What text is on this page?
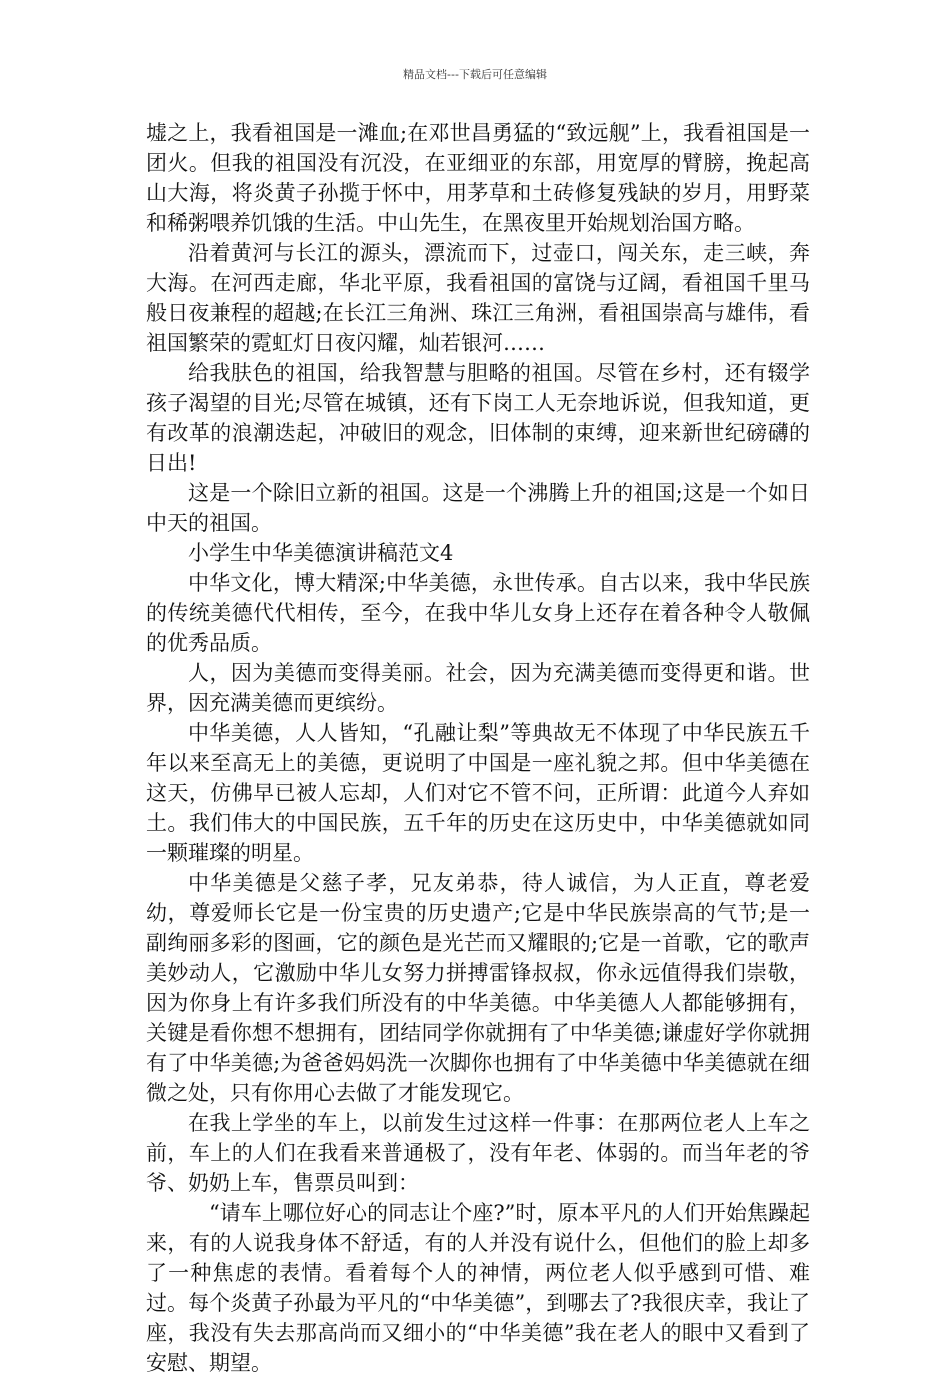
精品文档---下载后可任意编辑

墟之上，我看祖国是一滩血;在邓世昌勇猛的“致远舰”上，我看祖国是一团火。但我的祖国没有沉没，在亚细亚的东部，用宽厚的臂膀，挽起高山大海，将炎黄子孙揽于怀中，用茅草和土砖修复残缺的岁月，用野菜和稀粥喂养饥饿的生活。中山先生，在黑夜里开始规划治国方略。

沿着黄河与长江的源头，漂流而下，过壶口，闯关东，走三峡，奔大海。在河西走廊，华北平原，我看祖国的富饶与辽阔，看祖国千里马般日夜兼程的超越;在长江三角洲、珠江三角洲，看祖国崇高与雄伟，看祖国繁荣的霓虹灯日夜闪耀，灿若银河……

给我肤色的祖国，给我智慧与胆略的祖国。尽管在乡村，还有辍学孩子渴望的目光;尽管在城镇，还有下岗工人无奈地诉说，但我知道，更有改革的浪潮迭起，冲破旧的观念，旧体制的束缚，迎来新世纪磅礴的日出!

这是一个除旧立新的祖国。这是一个沸腾上升的祖国;这是一个如日中天的祖国。

小学生中华美德演讲稿范文4

中华文化，博大精深;中华美德，永世传承。自古以来，我中华民族的传统美德代代相传，至今，在我中华儿女身上还存在着各种令人敬佩的优秀品质。

人，因为美德而变得美丽。社会，因为充满美德而变得更和谐。世界，因充满美德而更缤纷。

中华美德，人人皆知，“孔融让梨”等典故无不体现了中华民族五千年以来至高无上的美德，更说明了中国是一座礼貌之邦。但中华美德在这天，仿佛早已被人忘却，人们对它不管不问，正所谓：此道今人弃如土。我们伟大的中国民族，五千年的历史在这历史中，中华美德就如同一颗璀璨的明星。

中华美德是父慈子孝，兄友弟恭，待人诚信，为人正直，尊老爱幼，尊爱师长它是一份宝贵的历史遗产;它是中华民族崇高的气节;是一副绚丽多彩的图画，它的颜色是光芒而又耀眼的;它是一首歌，它的歌声美妙动人，它激励中华儿女努力拼搏雷锋叔叔，你永远值得我们崇敬，因为你身上有许多我们所没有的中华美德。中华美德人人都能够拥有，关键是看你想不想拥有，团结同学你就拥有了中华美德;谦虚好学你就拥有了中华美德;为爸爸妈妈洗一次脚你也拥有了中华美德中华美德就在细微之处，只有你用心去做了才能发现它。

在我上学坐的车上，以前发生过这样一件事：在那两位老人上车之前，车上的人们在我看来普通极了，没有年老、体弱的。而当年老的爷爷、奶奶上车，售票员叫到：

“请车上哪位好心的同志让个座?”时，原本平凡的人们开始焦躁起来，有的人说我身体不舒适，有的人并没有说什么，但他们的脸上却多了一种焦虑的表情。看着每个人的神情，两位老人似乎感到可惜、难过。每个炎黄子孙最为平凡的“中华美德”，到哪去了?我很庆幸，我让了座，我没有失去那高尚而又细小的“中华美德”我在老人的眼中又看到了安慰、期望。
